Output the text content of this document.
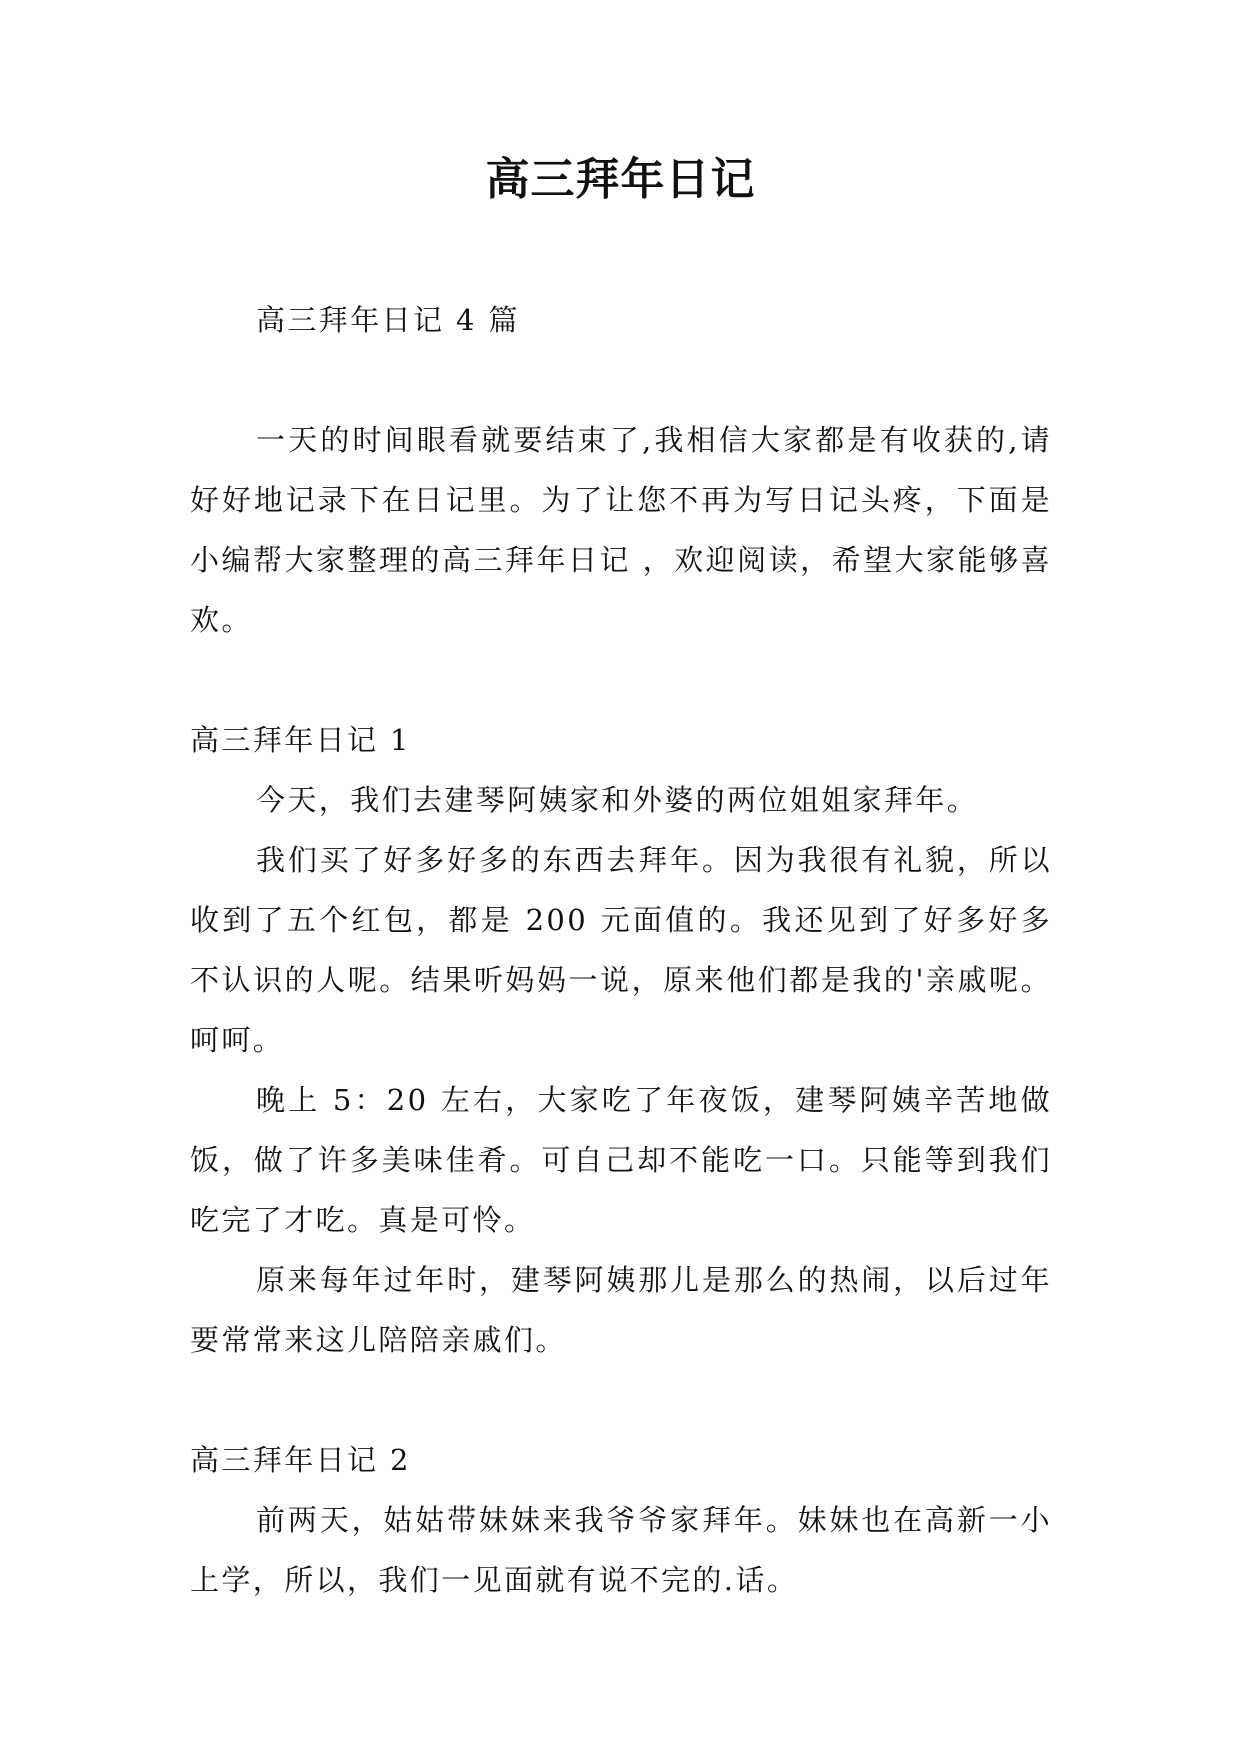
高三拜年日记

高三拜年日记 4 篇

一天的时间眼看就要结束了,我相信大家都是有收获的,请好好地记录下在日记里。为了让您不再为写日记头疼，下面是小编帮大家整理的高三拜年日记 ，欢迎阅读，希望大家能够喜欢。

高三拜年日记 1

今天，我们去建琴阿姨家和外婆的两位姐姐家拜年。

我们买了好多好多的东西去拜年。因为我很有礼貌，所以收到了五个红包，都是 200 元面值的。我还见到了好多好多不认识的人呢。结果听妈妈一说，原来他们都是我的'亲戚呢。呵呵。

晚上 5：20 左右，大家吃了年夜饭，建琴阿姨辛苦地做饭，做了许多美味佳肴。可自己却不能吃一口。只能等到我们吃完了才吃。真是可怜。

原来每年过年时，建琴阿姨那儿是那么的热闹，以后过年要常常来这儿陪陪亲戚们。

高三拜年日记 2

前两天，姑姑带妹妹来我爷爷家拜年。妹妹也在高新一小上学，所以，我们一见面就有说不完的.话。
